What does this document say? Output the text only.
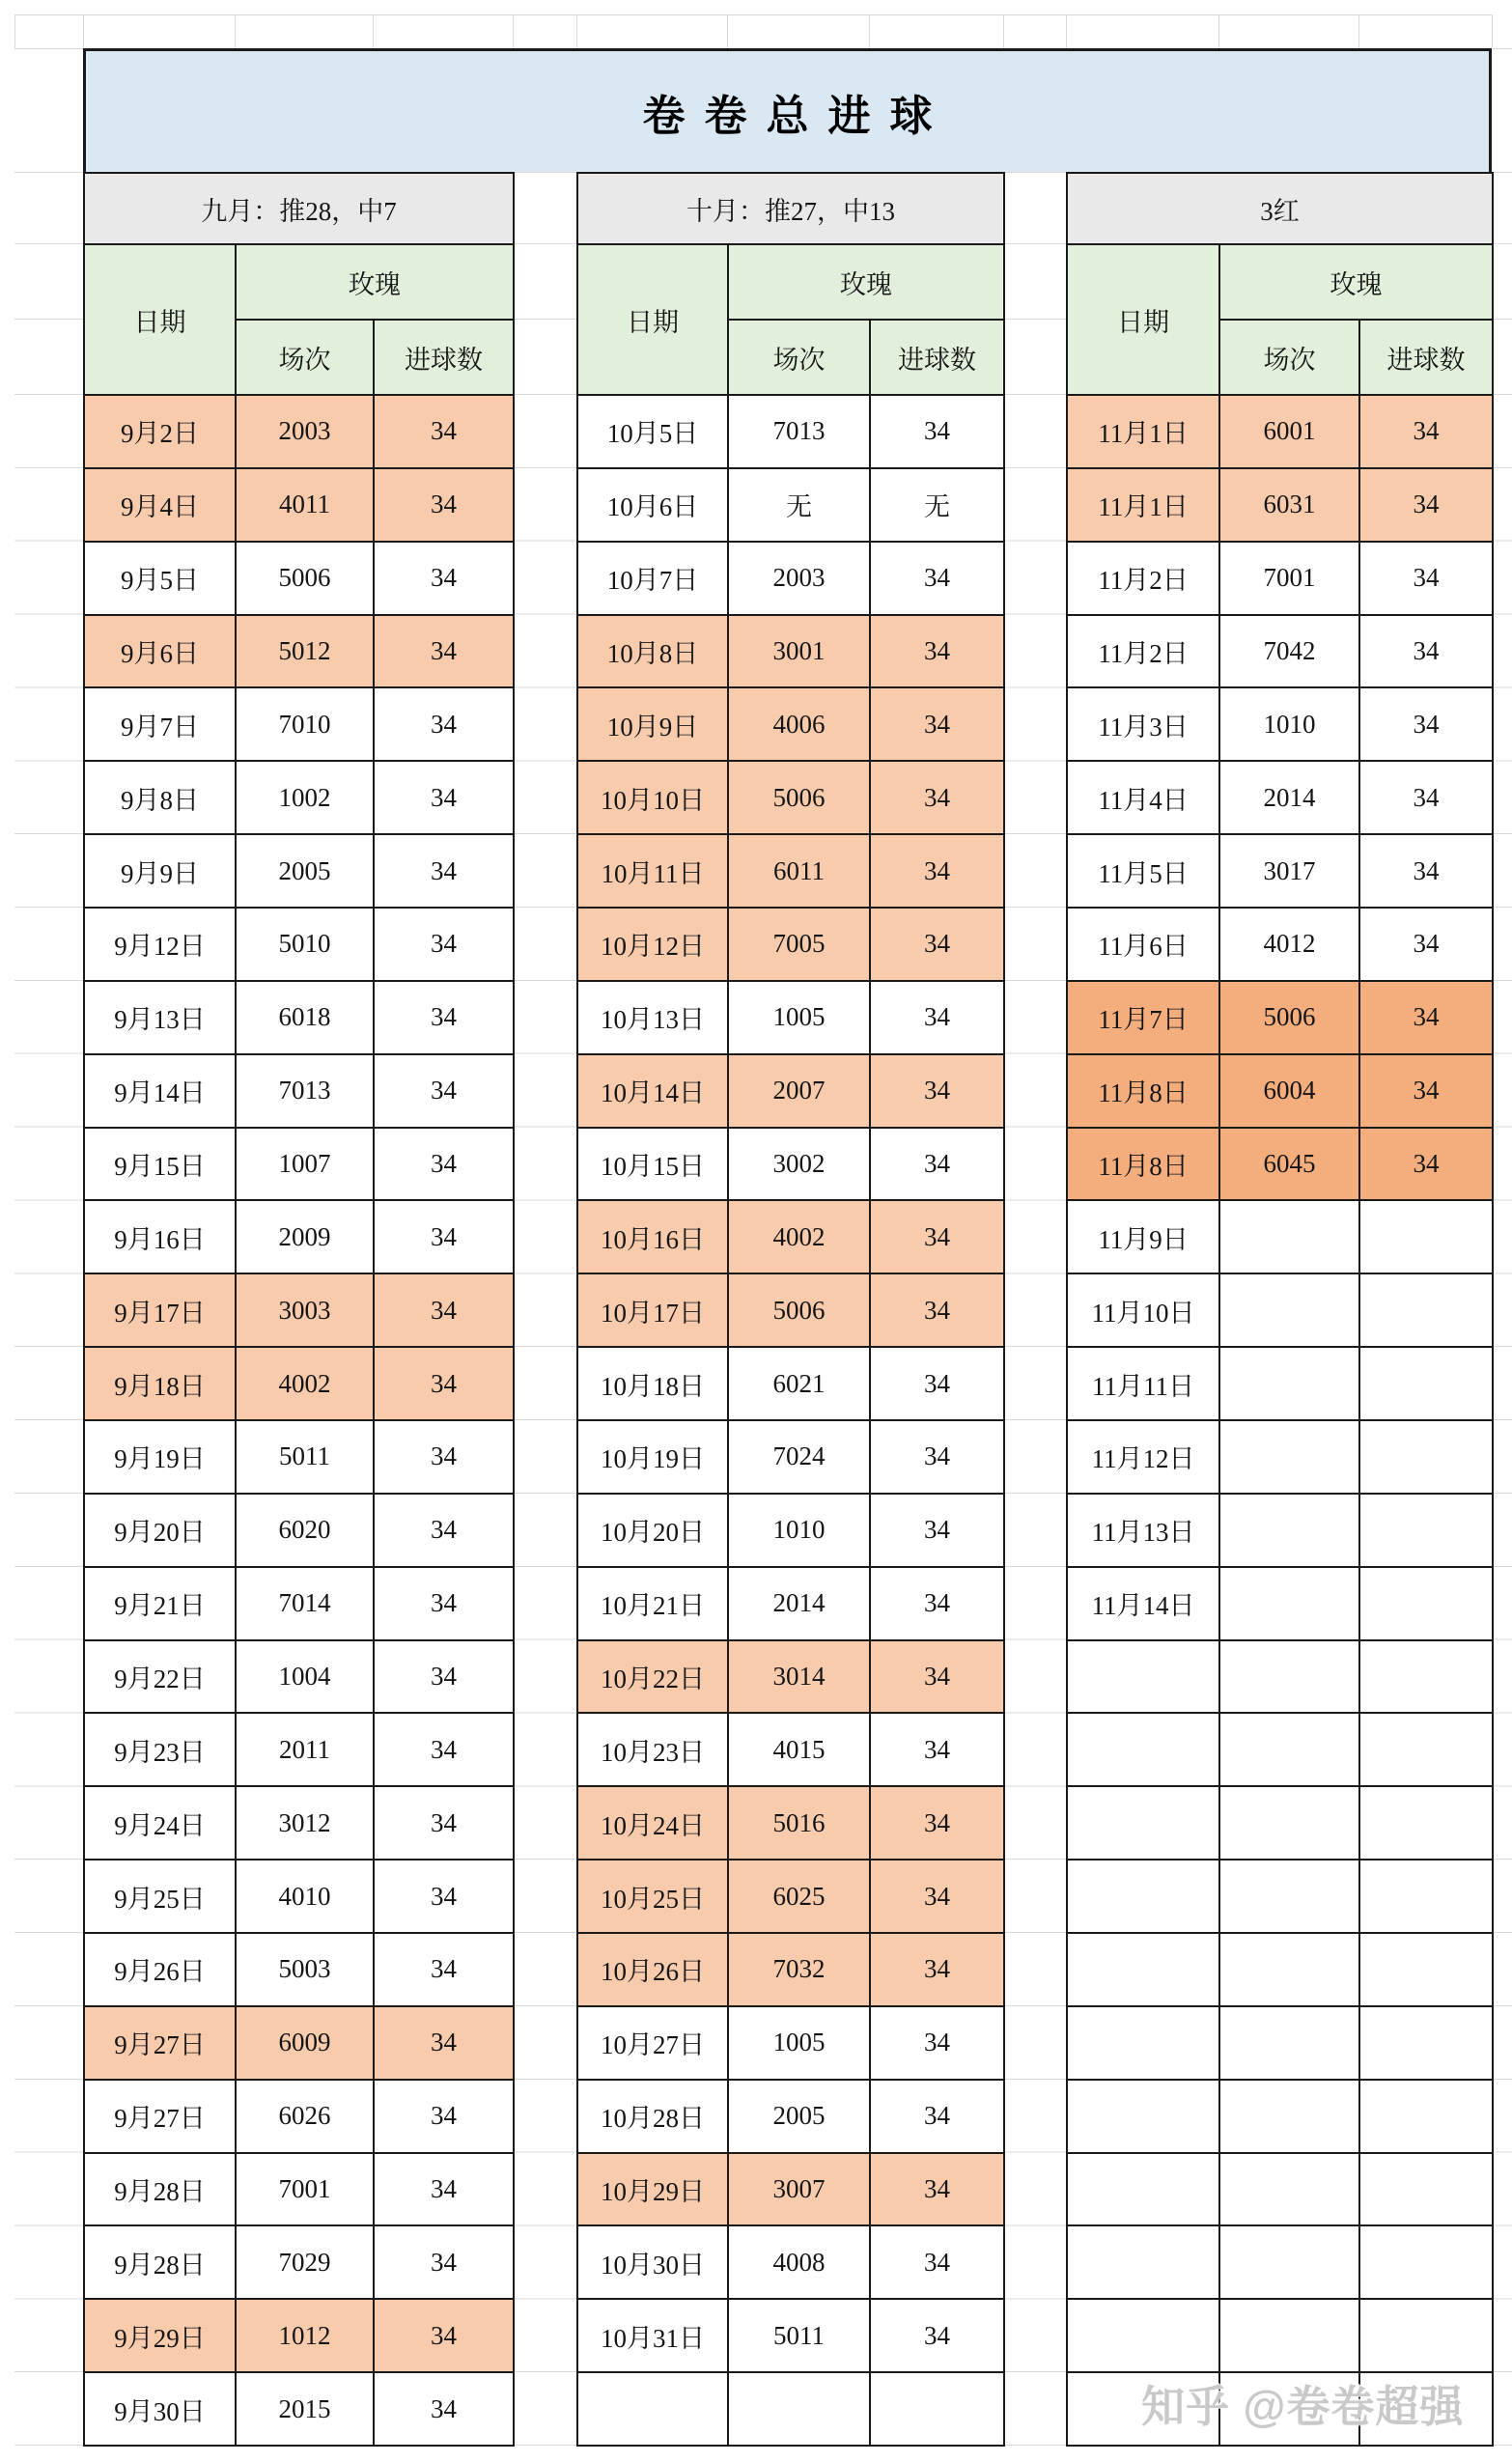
卷卷总进球
九月：推28，中7
日期
玫瑰
场次	进球数
9月2日	2003	34
9月4日	4011	34
9月5日	5006	34
9月6日	5012	34
9月7日	7010	34
9月8日	1002	34
9月9日	2005	34
9月12日	5010	34
9月13日	6018	34
9月14日	7013	34
9月15日	1007	34
9月16日	2009	34
9月17日	3003	34
9月18日	4002	34
9月19日	5011	34
9月20日	6020	34
9月21日	7014	34
9月22日	1004	34
9月23日	2011	34
9月24日	3012	34
9月25日	4010	34
9月26日	5003	34
9月27日	6009	34
9月27日	6026	34
9月28日	7001	34
9月28日	7029	34
9月29日	1012	34
9月30日	2015	34
十月：推27，中13
日期
玫瑰
场次	进球数
10月5日	7013	34
10月6日	无	无
10月7日	2003	34
10月8日	3001	34
10月9日	4006	34
10月10日	5006	34
10月11日	6011	34
10月12日	7005	34
10月13日	1005	34
10月14日	2007	34
10月15日	3002	34
10月16日	4002	34
10月17日	5006	34
10月18日	6021	34
10月19日	7024	34
10月20日	1010	34
10月21日	2014	34
10月22日	3014	34
10月23日	4015	34
10月24日	5016	34
10月25日	6025	34
10月26日	7032	34
10月27日	1005	34
10月28日	2005	34
10月29日	3007	34
10月30日	4008	34
10月31日	5011	34
3红
日期
玫瑰
场次	进球数
11月1日	6001	34
11月1日	6031	34
11月2日	7001	34
11月2日	7042	34
11月3日	1010	34
11月4日	2014	34
11月5日	3017	34
11月6日	4012	34
11月7日	5006	34
11月8日	6004	34
11月8日	6045	34
11月9日
11月10日
11月11日
11月12日
11月13日
11月14日
知乎 @卷卷超强
